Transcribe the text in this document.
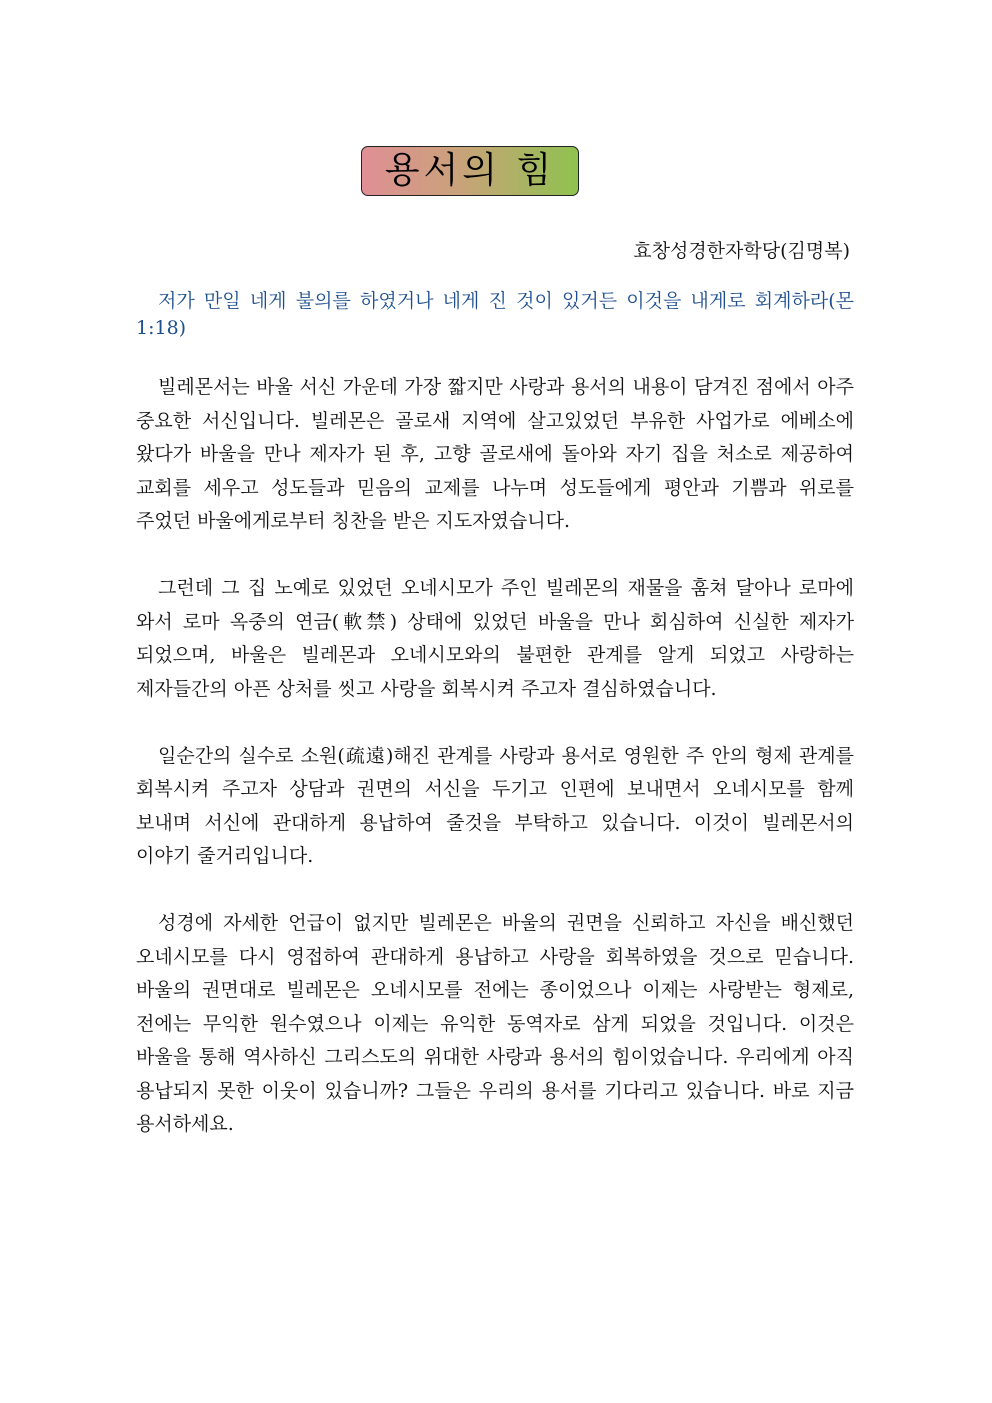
용서의 힘
효창성경한자학당(김명복)

저가 만일 네게 불의를 하였거나 네게 진 것이 있거든 이것을 내게로 회계하라(몬 1:18)

빌레몬서는 바울 서신 가운데 가장 짧지만 사랑과 용서의 내용이 담겨진 점에서 아주 중요한 서신입니다. 빌레몬은 골로새 지역에 살고있었던 부유한 사업가로 에베소에 왔다가 바울을 만나 제자가 된 후, 고향 골로새에 돌아와 자기 집을 처소로 제공하여 교회를 세우고 성도들과 믿음의 교제를 나누며 성도들에게 평안과 기쁨과 위로를 주었던 바울에게로부터 칭찬을 받은 지도자였습니다.

그런데 그 집 노예로 있었던 오네시모가 주인 빌레몬의 재물을 훔쳐 달아나 로마에 와서 로마 옥중의 연금(軟禁) 상태에 있었던 바울을 만나 회심하여 신실한 제자가 되었으며, 바울은 빌레몬과 오네시모와의 불편한 관계를 알게 되었고 사랑하는 제자들간의 아픈 상처를 씻고 사랑을 회복시켜 주고자 결심하였습니다.

일순간의 실수로 소원(疏遠)해진 관계를 사랑과 용서로 영원한 주 안의 형제 관계를 회복시켜 주고자 상담과 권면의 서신을 두기고 인편에 보내면서 오네시모를 함께 보내며 서신에 관대하게 용납하여 줄것을 부탁하고 있습니다. 이것이 빌레몬서의 이야기 줄거리입니다.

성경에 자세한 언급이 없지만 빌레몬은 바울의 권면을 신뢰하고 자신을 배신했던 오네시모를 다시 영접하여 관대하게 용납하고 사랑을 회복하였을 것으로 믿습니다. 바울의 권면대로 빌레몬은 오네시모를 전에는 종이었으나 이제는 사랑받는 형제로, 전에는 무익한 원수였으나 이제는 유익한 동역자로 삼게 되었을 것입니다. 이것은 바울을 통해 역사하신 그리스도의 위대한 사랑과 용서의 힘이었습니다. 우리에게 아직 용납되지 못한 이웃이 있습니까? 그들은 우리의 용서를 기다리고 있습니다. 바로 지금 용서하세요.
